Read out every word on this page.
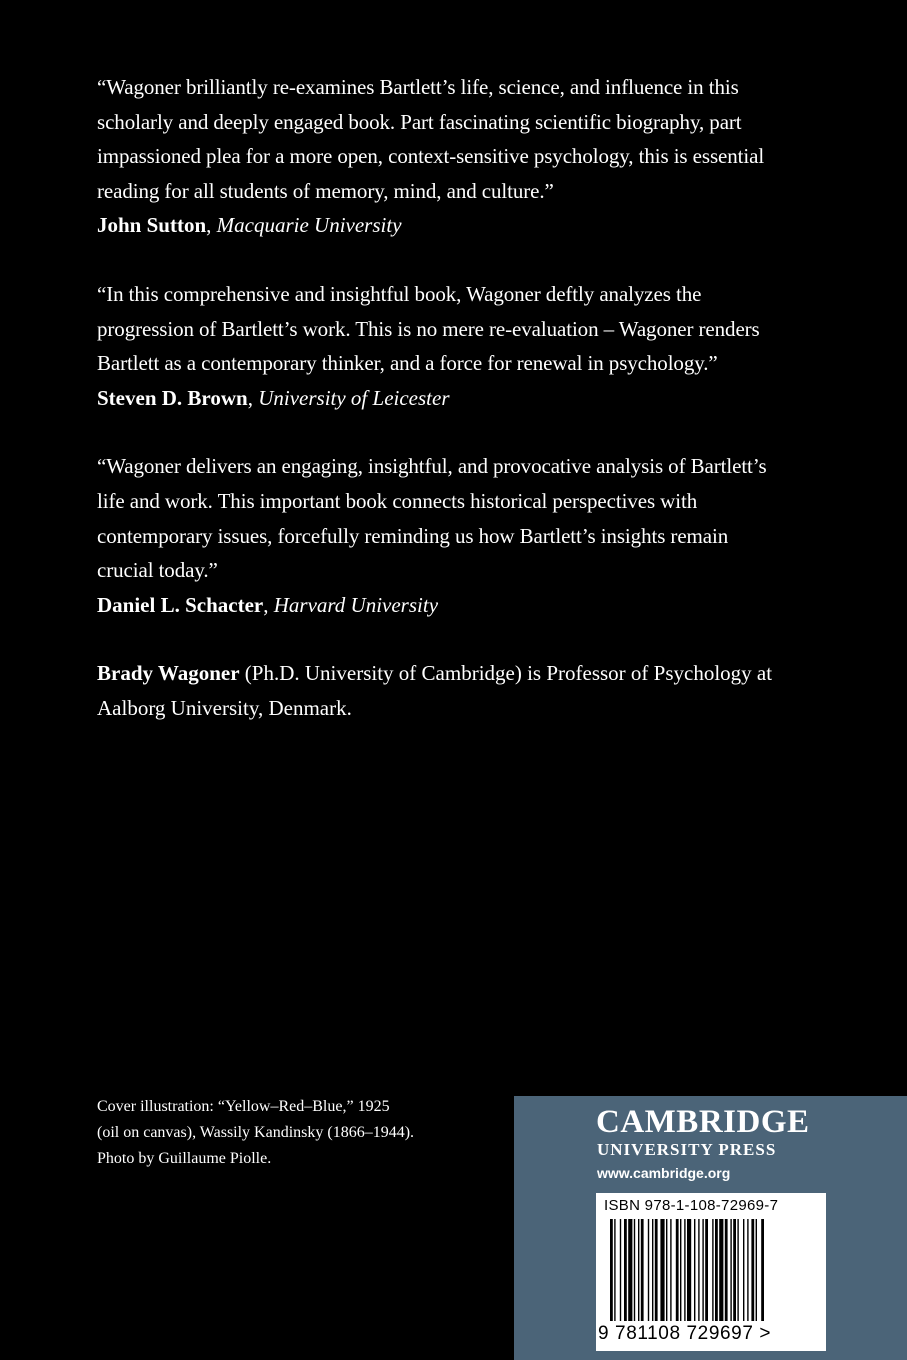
“Wagoner brilliantly re-examines Bartlett’s life, science, and influence in this scholarly and deeply engaged book. Part fascinating scientific biography, part impassioned plea for a more open, context-sensitive psychology, this is essential reading for all students of memory, mind, and culture.”
John Sutton, Macquarie University
“In this comprehensive and insightful book, Wagoner deftly analyzes the progression of Bartlett’s work. This is no mere re-evaluation – Wagoner renders Bartlett as a contemporary thinker, and a force for renewal in psychology.”
Steven D. Brown, University of Leicester
“Wagoner delivers an engaging, insightful, and provocative analysis of Bartlett’s life and work. This important book connects historical perspectives with contemporary issues, forcefully reminding us how Bartlett’s insights remain crucial today.”
Daniel L. Schacter, Harvard University
Brady Wagoner (Ph.D. University of Cambridge) is Professor of Psychology at Aalborg University, Denmark.
Cover illustration: “Yellow–Red–Blue,” 1925
(oil on canvas), Wassily Kandinsky (1866–1944).
Photo by Guillaume Piolle.
CAMBRIDGE
UNIVERSITY PRESS
www.cambridge.org
ISBN 978-1-108-72969-7
9 781108 729697 >
